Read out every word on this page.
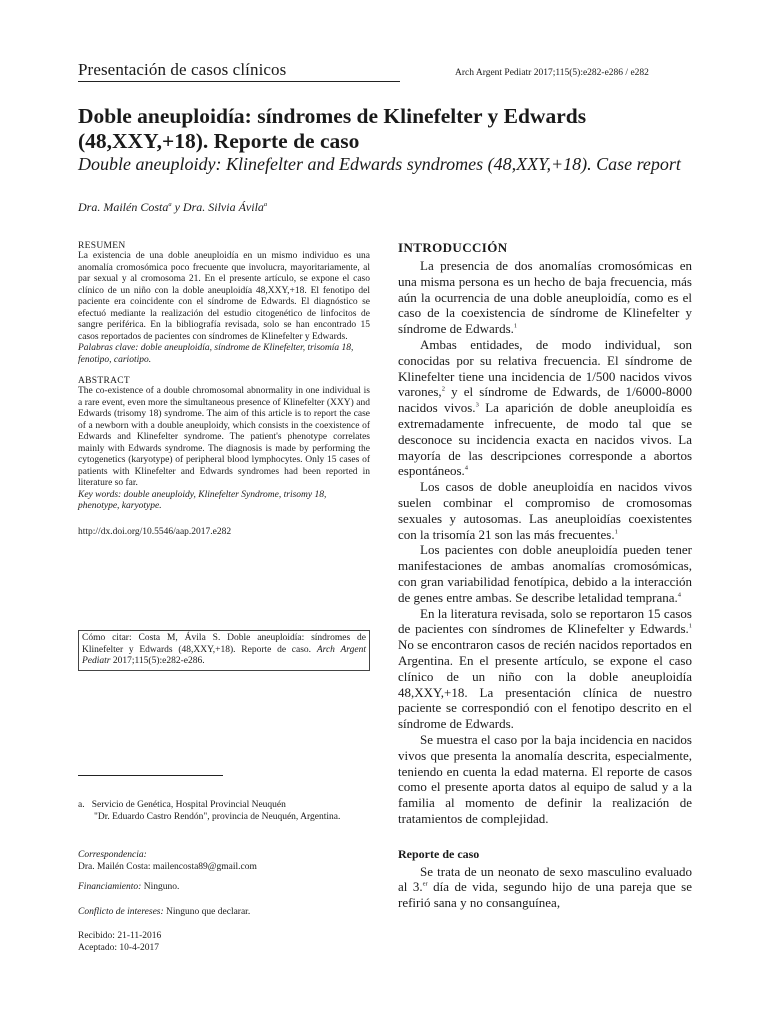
Presentación de casos clínicos	Arch Argent Pediatr 2017;115(5):e282-e286 / e282
Doble aneuploidía: síndromes de Klinefelter y Edwards (48,XXY,+18). Reporte de caso
Double aneuploidy: Klinefelter and Edwards syndromes (48,XXY,+18). Case report
Dra. Mailén Costa$^a$ y Dra. Silvia Ávila$^a$
RESUMEN
La existencia de una doble aneuploidía en un mismo individuo es una anomalía cromosómica poco frecuente que involucra, mayoritariamente, al par sexual y al cromosoma 21. En el presente artículo, se expone el caso clínico de un niño con la doble aneuploidía 48,XXY,+18. El fenotipo del paciente era coincidente con el síndrome de Edwards. El diagnóstico se efectuó mediante la realización del estudio citogenético de linfocitos de sangre periférica. En la bibliografía revisada, solo se han encontrado 15 casos reportados de pacientes con síndromes de Klinefelter y Edwards.
Palabras clave: doble aneuploidía, síndrome de Klinefelter, trisomía 18, fenotipo, cariotipo.
ABSTRACT
The co-existence of a double chromosomal abnormality in one individual is a rare event, even more the simultaneous presence of Klinefelter (XXY) and Edwards (trisomy 18) syndrome. The aim of this article is to report the case of a newborn with a double aneuploidy, which consists in the coexistence of Edwards and Klinefelter syndrome. The patient's phenotype correlates mainly with Edwards syndrome. The diagnosis is made by performing the cytogenetics (karyotype) of peripheral blood lymphocytes. Only 15 cases of patients with Klinefelter and Edwards syndromes had been reported in literature so far.
Key words: double aneuploidy, Klinefelter Syndrome, trisomy 18, phenotype, karyotype.
http://dx.doi.org/10.5546/aap.2017.e282
Cómo citar: Costa M, Ávila S. Doble aneuploidía: síndromes de Klinefelter y Edwards (48,XXY,+18). Reporte de caso. Arch Argent Pediatr 2017;115(5):e282-e286.
a. Servicio de Genética, Hospital Provincial Neuquén
"Dr. Eduardo Castro Rendón", provincia de Neuquén, Argentina.
Correspondencia:
Dra. Mailén Costa: mailencosta89@gmail.com
Financiamiento: Ninguno.
Conflicto de intereses: Ninguno que declarar.
Recibido: 21-11-2016
Aceptado: 10-4-2017
INTRODUCCIÓN

La presencia de dos anomalías cromosómicas en una misma persona es un hecho de baja frecuencia, más aún la ocurrencia de una doble aneuploidía, como es el caso de la coexistencia de síndrome de Klinefelter y síndrome de Edwards.$^1$

Ambas entidades, de modo individual, son conocidas por su relativa frecuencia. El síndrome de Klinefelter tiene una incidencia de 1/500 nacidos vivos varones,$^2$ y el síndrome de Edwards, de 1/6000-8000 nacidos vivos.$^3$ La aparición de doble aneuploidía es extremadamente infrecuente, de modo tal que se desconoce su incidencia exacta en nacidos vivos. La mayoría de las descripciones corresponde a abortos espontáneos.$^4$

Los casos de doble aneuploidía en nacidos vivos suelen combinar el compromiso de cromosomas sexuales y autosomas. Las aneuploidías coexistentes con la trisomía 21 son las más frecuentes.$^1$

Los pacientes con doble aneuploidía pueden tener manifestaciones de ambas anomalías cromosómicas, con gran variabilidad fenotípica, debido a la interacción de genes entre ambas. Se describe letalidad temprana.$^4$

En la literatura revisada, solo se reportaron 15 casos de pacientes con síndromes de Klinefelter y Edwards.$^1$ No se encontraron casos de recién nacidos reportados en Argentina. En el presente artículo, se expone el caso clínico de un niño con la doble aneuploidía 48,XXY,+18. La presentación clínica de nuestro paciente se correspondió con el fenotipo descrito en el síndrome de Edwards.

Se muestra el caso por la baja incidencia en nacidos vivos que presenta la anomalía descrita, especialmente, teniendo en cuenta la edad materna. El reporte de casos como el presente aporta datos al equipo de salud y a la familia al momento de definir la realización de tratamientos de complejidad.

Reporte de caso

Se trata de un neonato de sexo masculino evaluado al 3.$^{er}$ día de vida, segundo hijo de una pareja que se refirió sana y no consanguínea,
